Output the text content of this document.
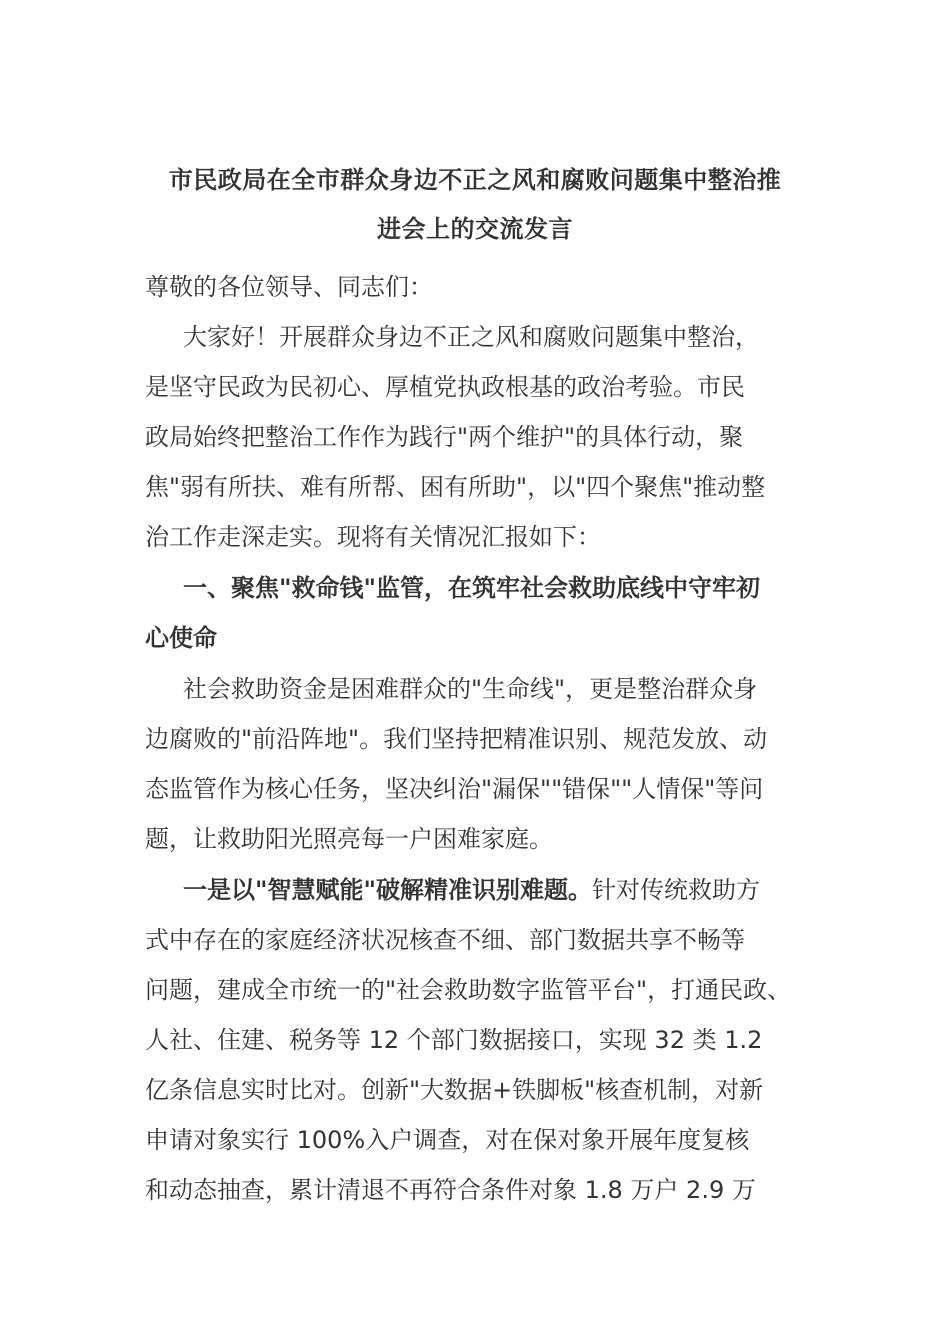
市民政局在全市群众身边不正之风和腐败问题集中整治推
进会上的交流发言
尊敬的各位领导、同志们：
大家好！开展群众身边不正之风和腐败问题集中整治，
是坚守民政为民初心、厚植党执政根基的政治考验。市民
政局始终把整治工作作为践行"两个维护"的具体行动，聚
焦"弱有所扶、难有所帮、困有所助"，以"四个聚焦"推动整
治工作走深走实。现将有关情况汇报如下：
一、聚焦"救命钱"监管，在筑牢社会救助底线中守牢初
心使命
社会救助资金是困难群众的"生命线"，更是整治群众身
边腐败的"前沿阵地"。我们坚持把精准识别、规范发放、动
态监管作为核心任务，坚决纠治"漏保""错保""人情保"等问
题，让救助阳光照亮每一户困难家庭。
一是以"智慧赋能"破解精准识别难题。针对传统救助方
式中存在的家庭经济状况核查不细、部门数据共享不畅等
问题，建成全市统一的"社会救助数字监管平台"，打通民政、
人社、住建、税务等 12 个部门数据接口，实现 32 类 1.2
亿条信息实时比对。创新"大数据+铁脚板"核查机制，对新
申请对象实行 100%入户调查，对在保对象开展年度复核
和动态抽查，累计清退不再符合条件对象 1.8 万户 2.9 万
